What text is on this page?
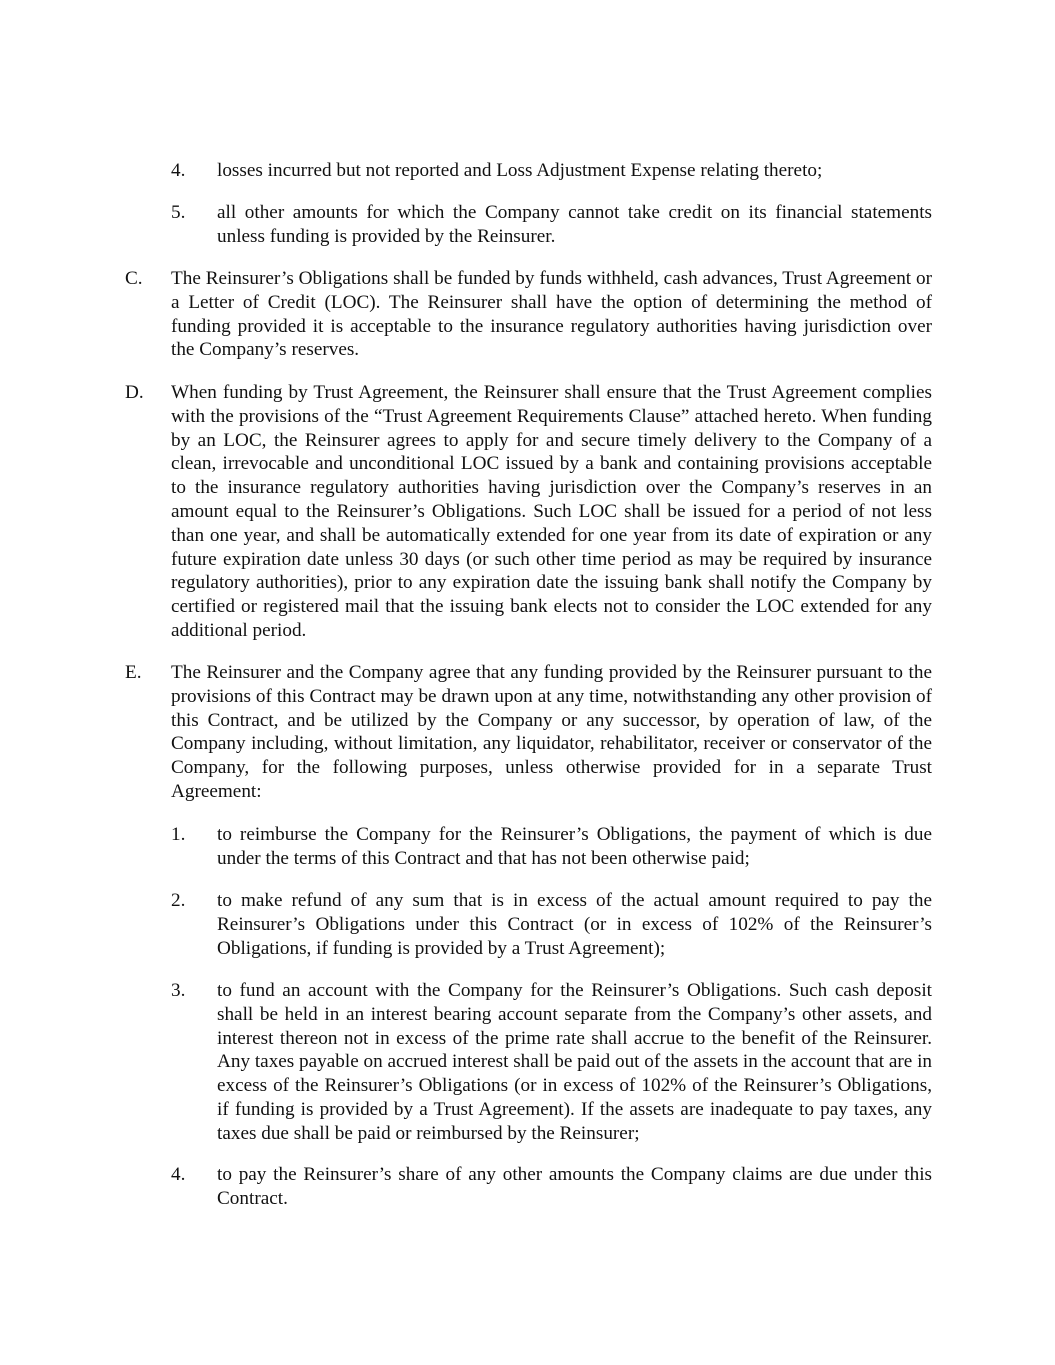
4. losses incurred but not reported and Loss Adjustment Expense relating thereto;
5. all other amounts for which the Company cannot take credit on its financial statements unless funding is provided by the Reinsurer.
C. The Reinsurer’s Obligations shall be funded by funds withheld, cash advances, Trust Agreement or a Letter of Credit (LOC). The Reinsurer shall have the option of determining the method of funding provided it is acceptable to the insurance regulatory authorities having jurisdiction over the Company’s reserves.
D. When funding by Trust Agreement, the Reinsurer shall ensure that the Trust Agreement complies with the provisions of the “Trust Agreement Requirements Clause” attached hereto. When funding by an LOC, the Reinsurer agrees to apply for and secure timely delivery to the Company of a clean, irrevocable and unconditional LOC issued by a bank and containing provisions acceptable to the insurance regulatory authorities having jurisdiction over the Company’s reserves in an amount equal to the Reinsurer’s Obligations. Such LOC shall be issued for a period of not less than one year, and shall be automatically extended for one year from its date of expiration or any future expiration date unless 30 days (or such other time period as may be required by insurance regulatory authorities), prior to any expiration date the issuing bank shall notify the Company by certified or registered mail that the issuing bank elects not to consider the LOC extended for any additional period.
E. The Reinsurer and the Company agree that any funding provided by the Reinsurer pursuant to the provisions of this Contract may be drawn upon at any time, notwithstanding any other provision of this Contract, and be utilized by the Company or any successor, by operation of law, of the Company including, without limitation, any liquidator, rehabilitator, receiver or conservator of the Company, for the following purposes, unless otherwise provided for in a separate Trust Agreement:
1. to reimburse the Company for the Reinsurer’s Obligations, the payment of which is due under the terms of this Contract and that has not been otherwise paid;
2. to make refund of any sum that is in excess of the actual amount required to pay the Reinsurer’s Obligations under this Contract (or in excess of 102% of the Reinsurer’s Obligations, if funding is provided by a Trust Agreement);
3. to fund an account with the Company for the Reinsurer’s Obligations. Such cash deposit shall be held in an interest bearing account separate from the Company’s other assets, and interest thereon not in excess of the prime rate shall accrue to the benefit of the Reinsurer. Any taxes payable on accrued interest shall be paid out of the assets in the account that are in excess of the Reinsurer’s Obligations (or in excess of 102% of the Reinsurer’s Obligations, if funding is provided by a Trust Agreement). If the assets are inadequate to pay taxes, any taxes due shall be paid or reimbursed by the Reinsurer;
4. to pay the Reinsurer’s share of any other amounts the Company claims are due under this Contract.
